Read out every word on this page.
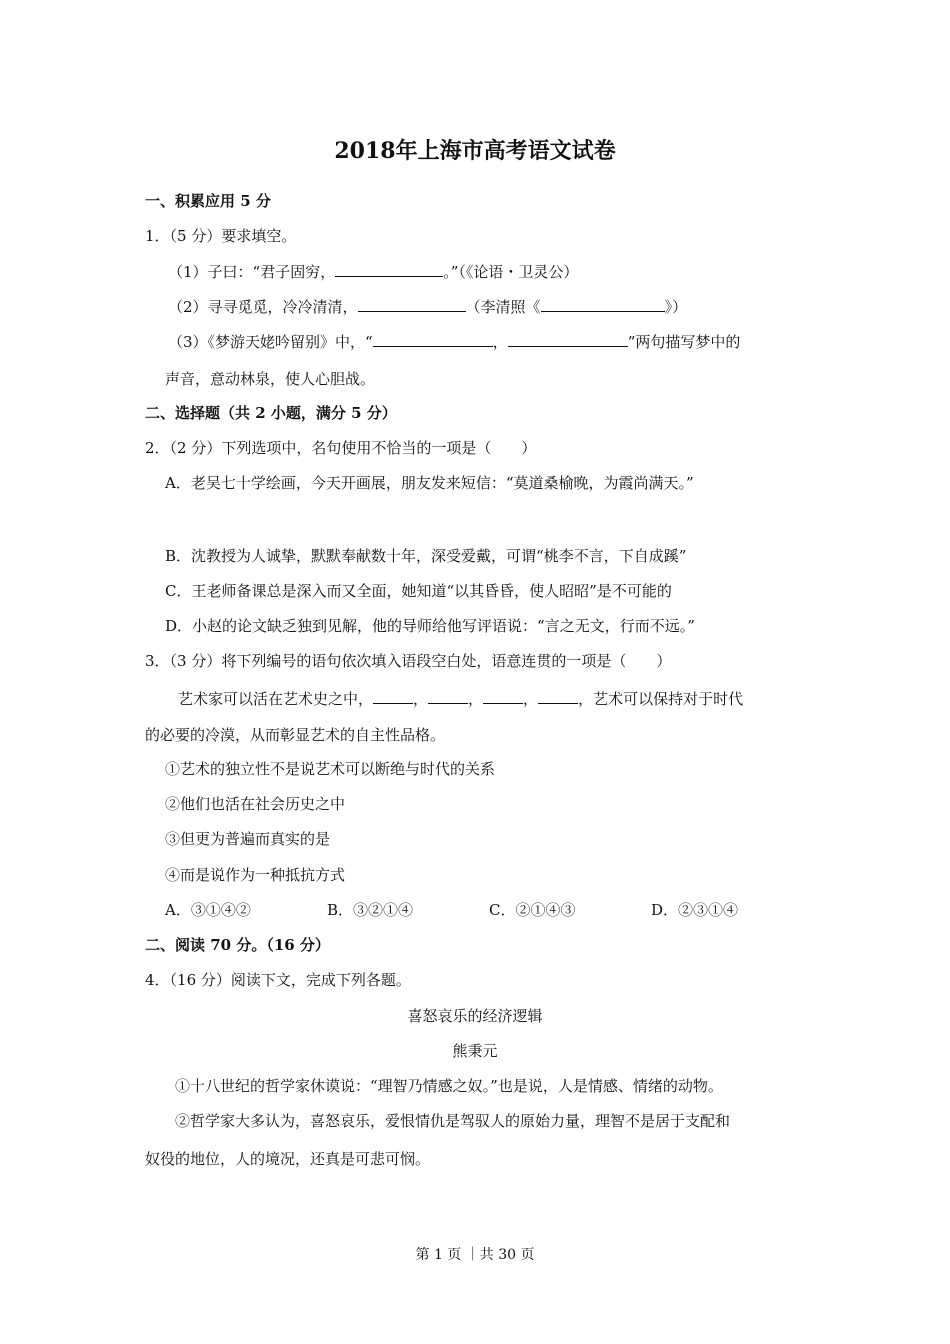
2018年上海市高考语文试卷
一、积累应用 5 分
1．（5 分）要求填空。
（1）子曰：“君子固穷，	。”（《论语・卫灵公）
（2）寻寻觅觅，冷冷清清，	（李清照《	》）
（3）《梦游天姥吟留别》中，“	，	”两句描写梦中的
声音，意动林泉，使人心胆战。
二、选择题（共 2 小题，满分 5 分）
2．（2 分）下列选项中，名句使用不恰当的一项是（　　）
A．老吴七十学绘画，今天开画展，朋友发来短信：“莫道桑榆晚，为霞尚满天。”
B．沈教授为人诚挚，默默奉献数十年，深受爱戴，可谓“桃李不言，下自成蹊”
C．王老师备课总是深入而又全面，她知道“以其昏昏，使人昭昭”是不可能的
D．小赵的论文缺乏独到见解，他的导师给他写评语说：“言之无文，行而不远。”
3．（3 分）将下列编号的语句依次填入语段空白处，语意连贯的一项是（　　）
艺术家可以活在艺术史之中，	，	，	，	，艺术可以保持对于时代
的必要的冷漠，从而彰显艺术的自主性品格。
①艺术的独立性不是说艺术可以断绝与时代的关系
②他们也活在社会历史之中
③但更为普遍而真实的是
④而是说作为一种抵抗方式
A．③①④②	B．③②①④	C．②①④③	D．②③①④
二、阅读 70 分。（16 分）
4．（16 分）阅读下文，完成下列各题。
喜怒哀乐的经济逻辑
熊秉元
①十八世纪的哲学家休谟说：“理智乃情感之奴。”也是说，人是情感、情绪的动物。
②哲学家大多认为，喜怒哀乐，爱恨情仇是驾驭人的原始力量，理智不是居于支配和
奴役的地位，人的境况，还真是可悲可悯。
第 1 页 ｜共 30 页
